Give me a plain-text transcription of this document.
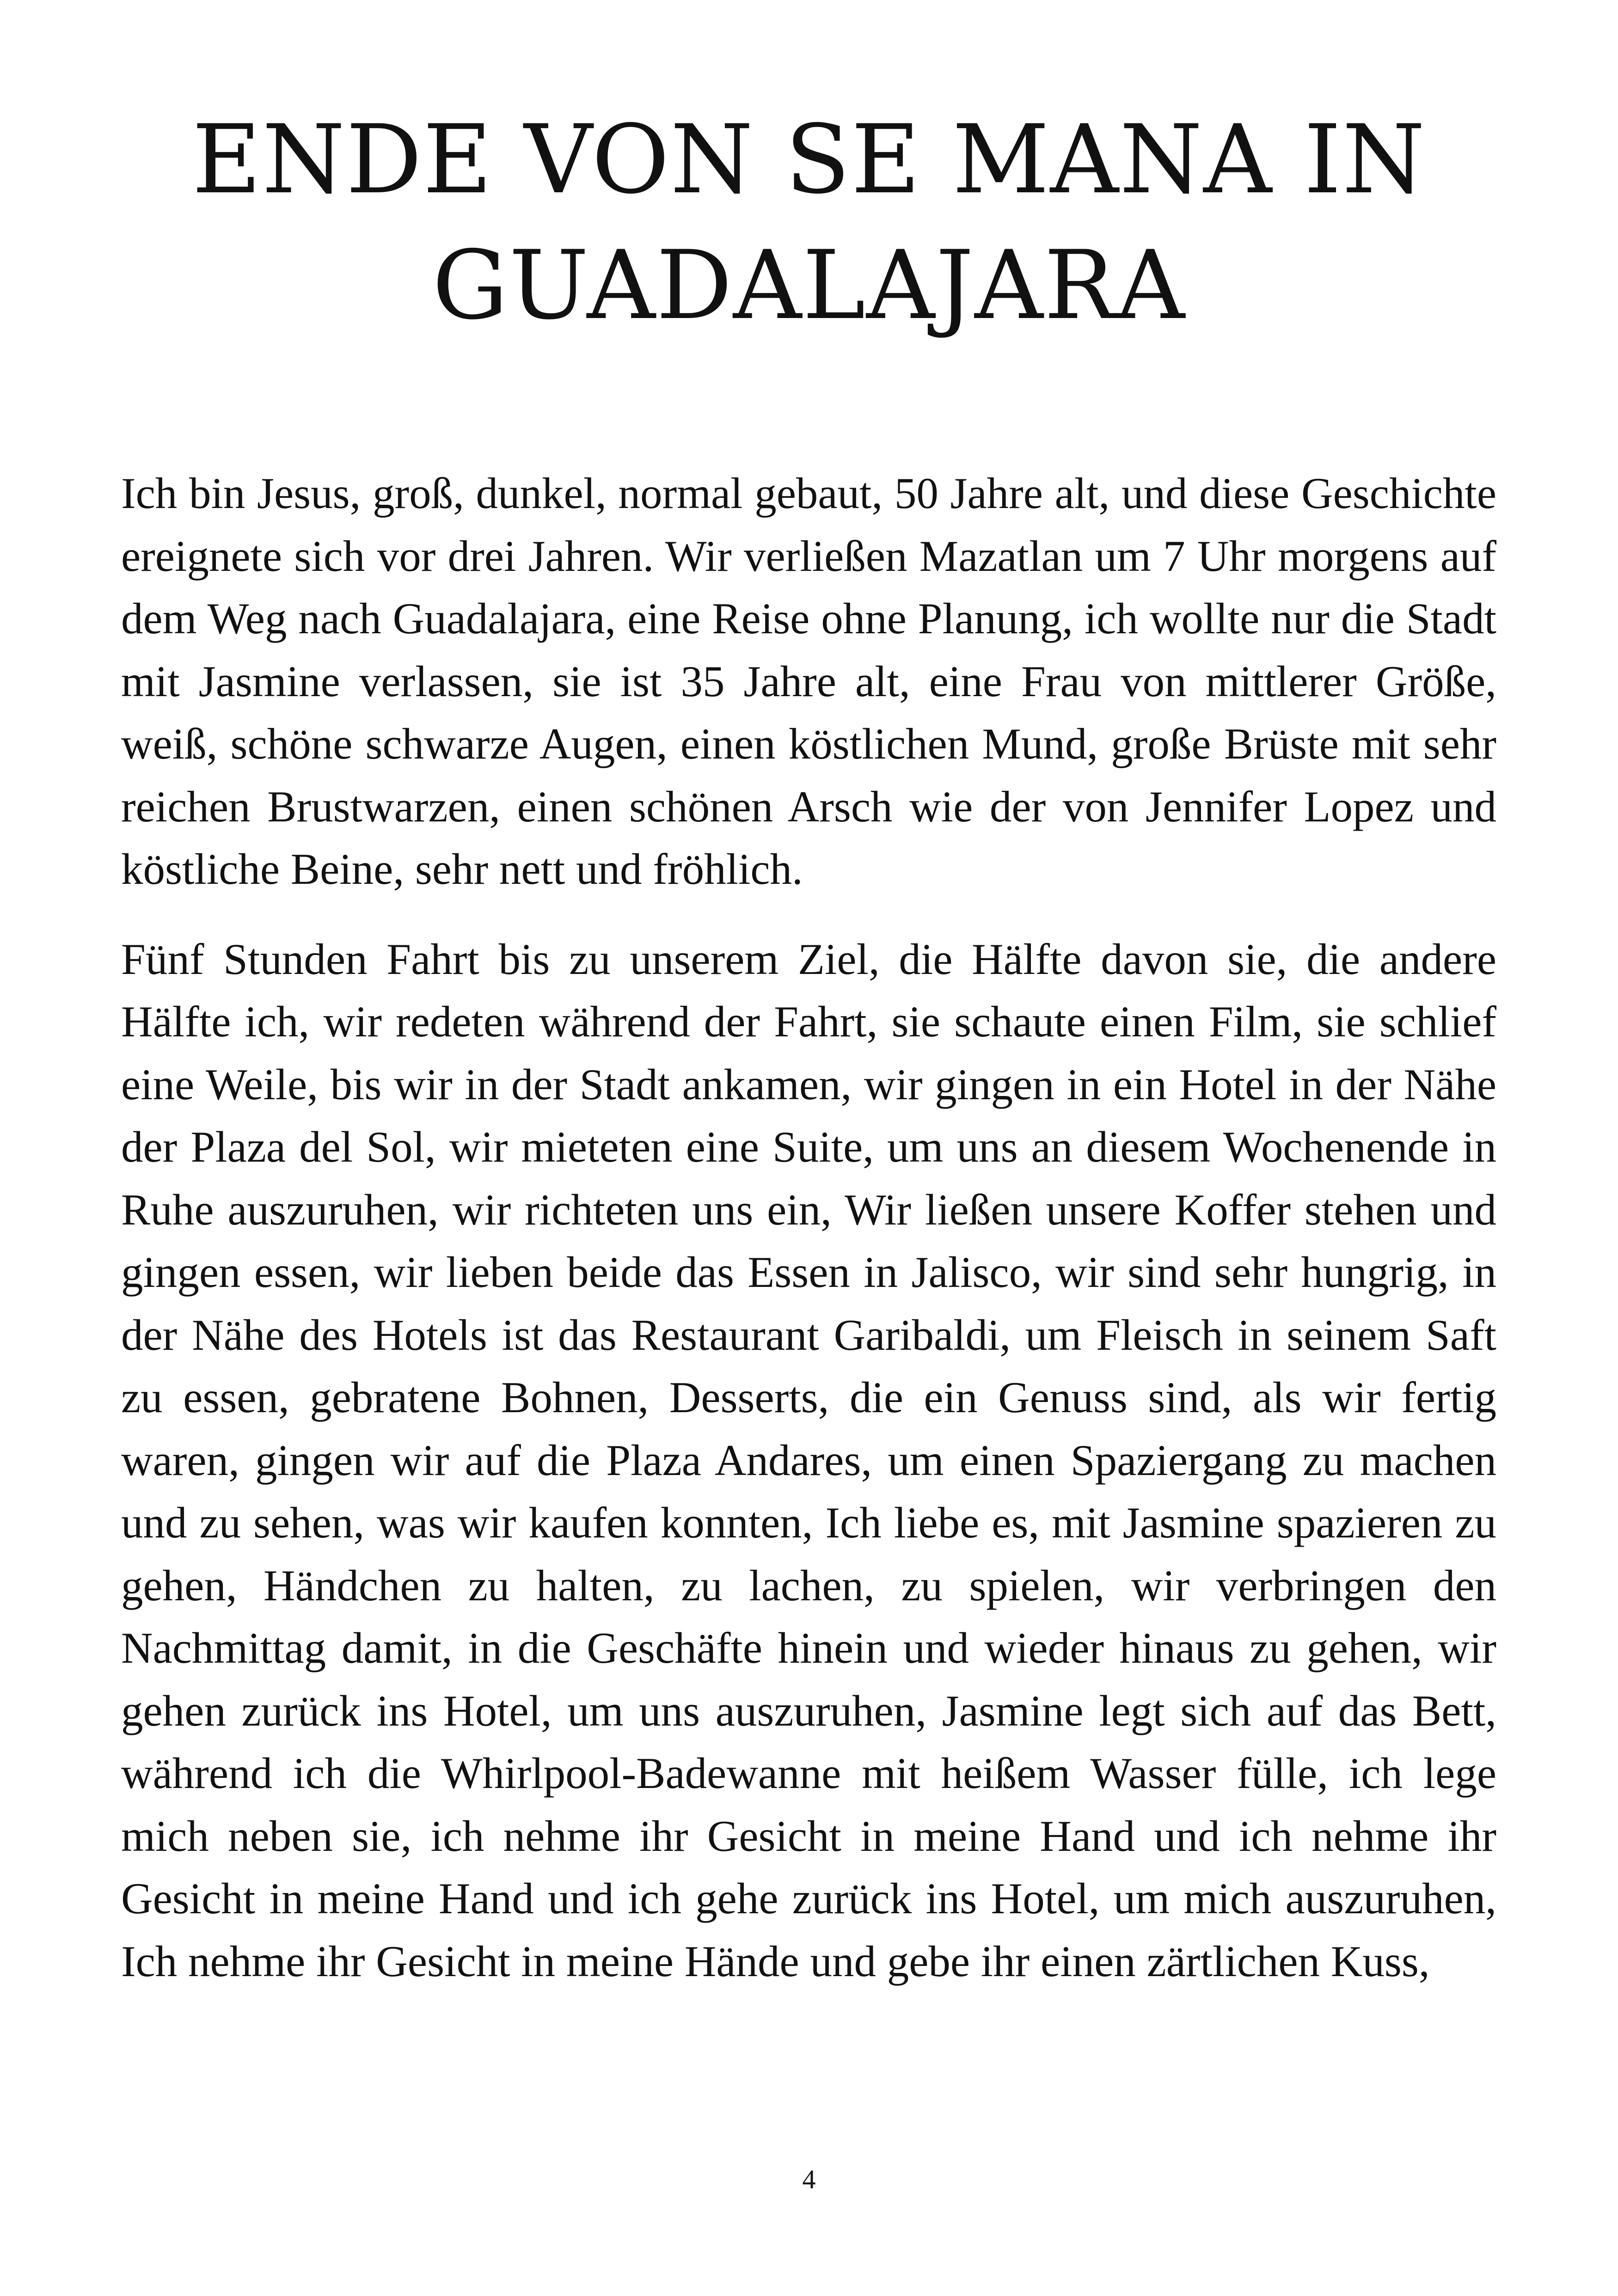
ENDE VON SE MANA IN
GUADALAJARA

Ich bin Jesus, groß, dunkel, normal gebaut, 50 Jahre alt, und diese Geschichte ereignete sich vor drei Jahren. Wir verließen Mazatlan um 7 Uhr morgens auf dem Weg nach Guadalajara, eine Reise ohne Planung, ich wollte nur die Stadt mit Jasmine verlassen, sie ist 35 Jahre alt, eine Frau von mittlerer Größe, weiß, schöne schwarze Augen, einen köstlichen Mund, große Brüste mit sehr reichen Brustwarzen, einen schönen Arsch wie der von Jennifer Lopez und köstliche Beine, sehr nett und fröhlich.

Fünf Stunden Fahrt bis zu unserem Ziel, die Hälfte davon sie, die andere Hälfte ich, wir redeten während der Fahrt, sie schaute einen Film, sie schlief eine Weile, bis wir in der Stadt ankamen, wir gingen in ein Hotel in der Nähe der Plaza del Sol, wir mieteten eine Suite, um uns an diesem Wochenende in Ruhe auszuruhen, wir richteten uns ein, Wir ließen unsere Koffer stehen und gingen essen, wir lieben beide das Essen in Jalisco, wir sind sehr hungrig, in der Nähe des Hotels ist das Restaurant Garibaldi, um Fleisch in seinem Saft zu essen, gebratene Bohnen, Desserts, die ein Genuss sind, als wir fertig waren, gingen wir auf die Plaza Andares, um einen Spaziergang zu machen und zu sehen, was wir kaufen konnten, Ich liebe es, mit Jasmine spazieren zu gehen, Händchen zu halten, zu lachen, zu spielen, wir verbringen den Nachmittag damit, in die Geschäfte hinein und wieder hinaus zu gehen, wir gehen zurück ins Hotel, um uns auszuruhen, Jasmine legt sich auf das Bett, während ich die Whirlpool-Badewanne mit heißem Wasser fülle, ich lege mich neben sie, ich nehme ihr Gesicht in meine Hand und ich nehme ihr Gesicht in meine Hand und ich gehe zurück ins Hotel, um mich auszuruhen, Ich nehme ihr Gesicht in meine Hände und gebe ihr einen zärtlichen Kuss,

4
